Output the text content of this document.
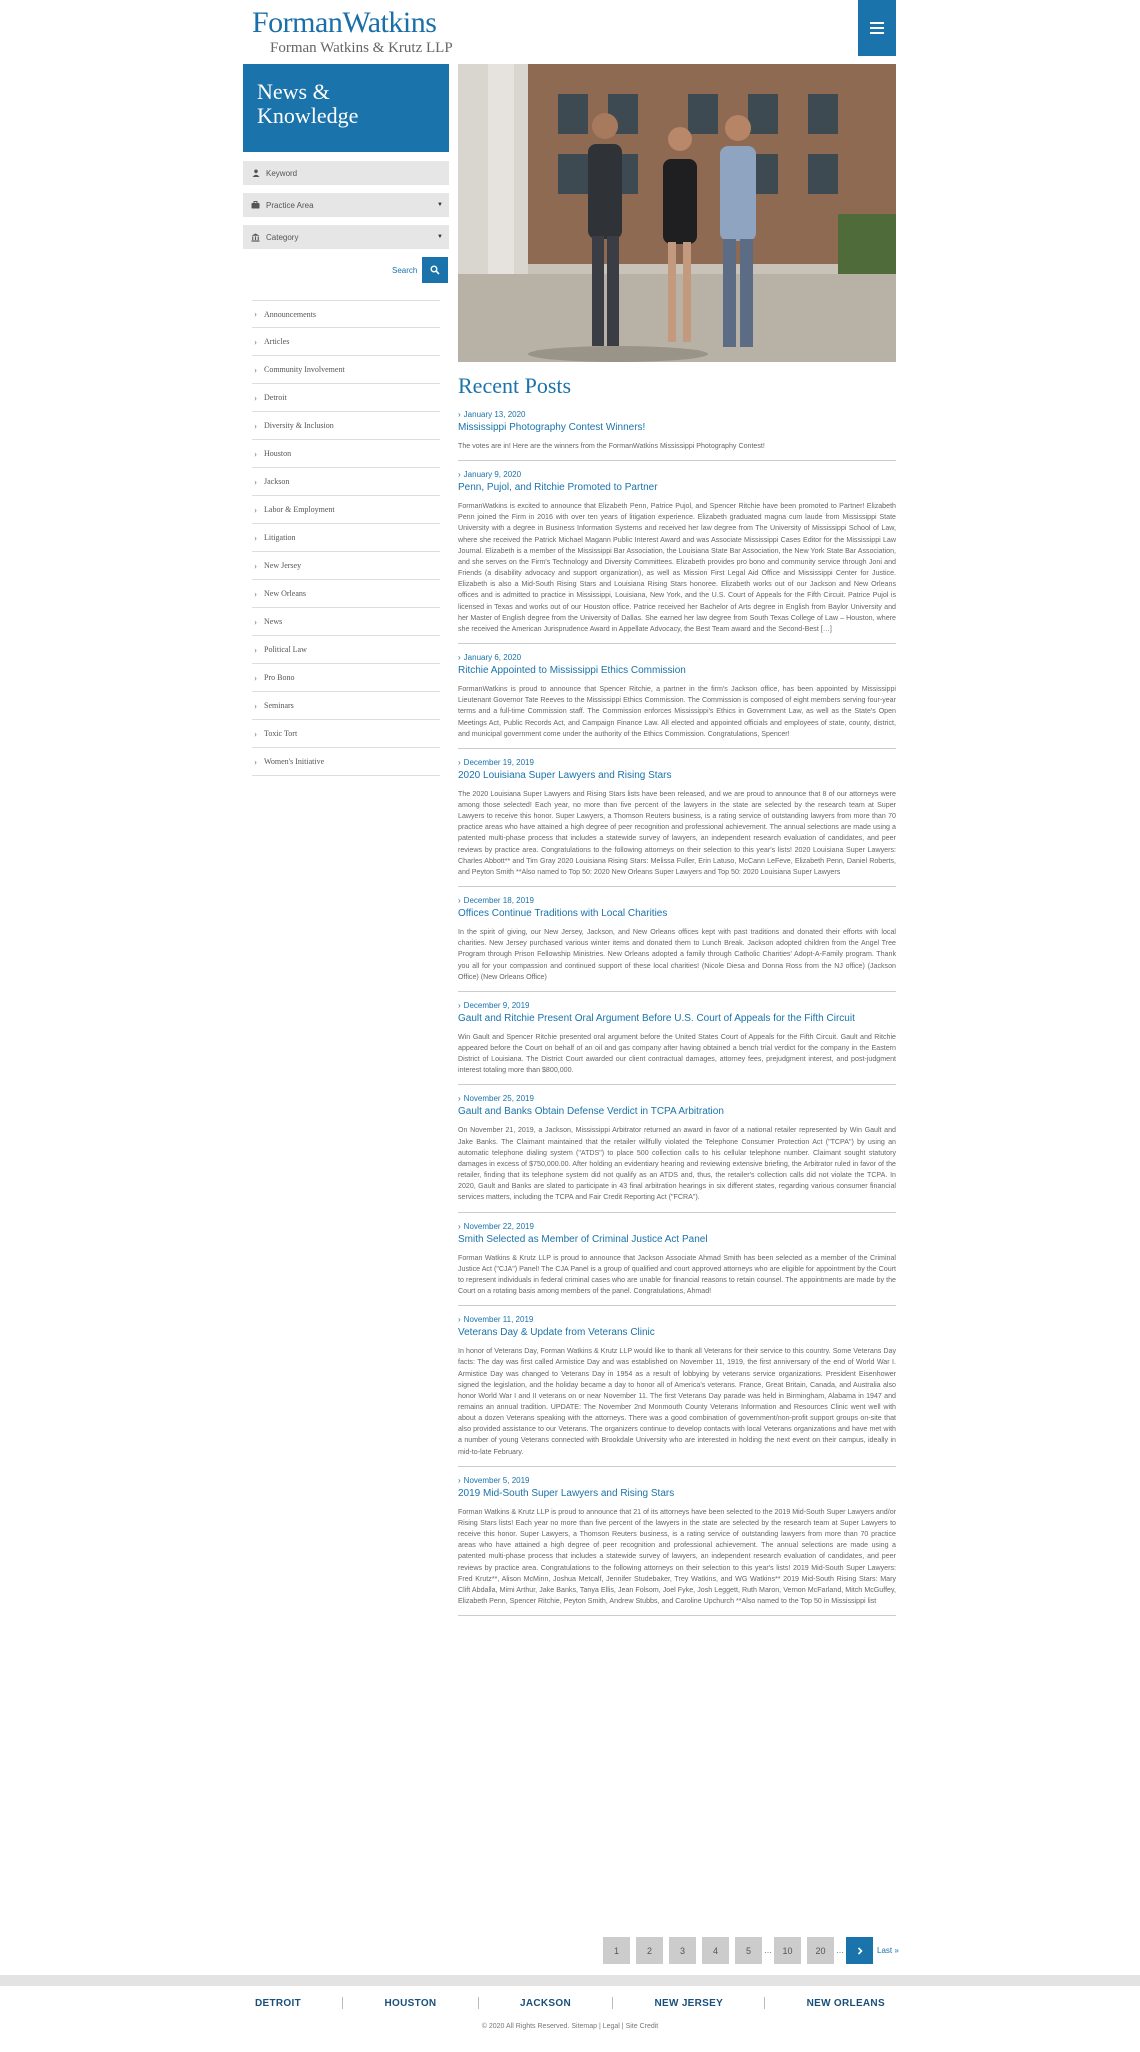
FormanWatkins
Forman Watkins & Krutz LLP
News &
Knowledge
Keyword
Practice Area	▼
Category	▼
Search
› Announcements
› Articles
› Community Involvement
› Detroit
› Diversity & Inclusion
› Houston
› Jackson
› Labor & Employment
› Litigation
› New Jersey
› New Orleans
› News
› Political Law
› Pro Bono
› Seminars
› Toxic Tort
› Women's Initiative
Recent Posts
› January 13, 2020
Mississippi Photography Contest Winners!
The votes are in! Here are the winners from the FormanWatkins Mississippi Photography Contest!
› January 9, 2020
Penn, Pujol, and Ritchie Promoted to Partner
FormanWatkins is excited to announce that Elizabeth Penn, Patrice Pujol, and Spencer Ritchie have been promoted to Partner! Elizabeth Penn joined the Firm in 2016 with over ten years of litigation experience. Elizabeth graduated magna cum laude from Mississippi State University with a degree in Business Information Systems and received her law degree from The University of Mississippi School of Law, where she received the Patrick Michael Magann Public Interest Award and was Associate Mississippi Cases Editor for the Mississippi Law Journal. Elizabeth is a member of the Mississippi Bar Association, the Louisiana State Bar Association, the New York State Bar Association, and she serves on the Firm's Technology and Diversity Committees. Elizabeth provides pro bono and community service through Joni and Friends (a disability advocacy and support organization), as well as Mission First Legal Aid Office and Mississippi Center for Justice. Elizabeth is also a Mid-South Rising Stars and Louisiana Rising Stars honoree. Elizabeth works out of our Jackson and New Orleans offices and is admitted to practice in Mississippi, Louisiana, New York, and the U.S. Court of Appeals for the Fifth Circuit. Patrice Pujol is licensed in Texas and works out of our Houston office. Patrice received her Bachelor of Arts degree in English from Baylor University and her Master of English degree from the University of Dallas. She earned her law degree from South Texas College of Law – Houston, where she received the American Jurisprudence Award in Appellate Advocacy, the Best Team award and the Second-Best […]
› January 6, 2020
Ritchie Appointed to Mississippi Ethics Commission
FormanWatkins is proud to announce that Spencer Ritchie, a partner in the firm's Jackson office, has been appointed by Mississippi Lieutenant Governor Tate Reeves to the Mississippi Ethics Commission. The Commission is composed of eight members serving four-year terms and a full-time Commission staff. The Commission enforces Mississippi's Ethics in Government Law, as well as the State's Open Meetings Act, Public Records Act, and Campaign Finance Law. All elected and appointed officials and employees of state, county, district, and municipal government come under the authority of the Ethics Commission. Congratulations, Spencer!
› December 19, 2019
2020 Louisiana Super Lawyers and Rising Stars
The 2020 Louisiana Super Lawyers and Rising Stars lists have been released, and we are proud to announce that 8 of our attorneys were among those selected! Each year, no more than five percent of the lawyers in the state are selected by the research team at Super Lawyers to receive this honor. Super Lawyers, a Thomson Reuters business, is a rating service of outstanding lawyers from more than 70 practice areas who have attained a high degree of peer recognition and professional achievement. The annual selections are made using a patented multi-phase process that includes a statewide survey of lawyers, an independent research evaluation of candidates, and peer reviews by practice area. Congratulations to the following attorneys on their selection to this year's lists! 2020 Louisiana Super Lawyers: Charles Abbott** and Tim Gray 2020 Louisiana Rising Stars: Melissa Fuller, Erin Latuso, McCann LeFeve, Elizabeth Penn, Daniel Roberts, and Peyton Smith **Also named to Top 50: 2020 New Orleans Super Lawyers and Top 50: 2020 Louisiana Super Lawyers
› December 18, 2019
Offices Continue Traditions with Local Charities
In the spirit of giving, our New Jersey, Jackson, and New Orleans offices kept with past traditions and donated their efforts with local charities. New Jersey purchased various winter items and donated them to Lunch Break. Jackson adopted children from the Angel Tree Program through Prison Fellowship Ministries. New Orleans adopted a family through Catholic Charities' Adopt-A-Family program. Thank you all for your compassion and continued support of these local charities! (Nicole Diesa and Donna Ross from the NJ office) (Jackson Office) (New Orleans Office)
› December 9, 2019
Gault and Ritchie Present Oral Argument Before U.S. Court of Appeals for the Fifth Circuit
Win Gault and Spencer Ritchie presented oral argument before the United States Court of Appeals for the Fifth Circuit. Gault and Ritchie appeared before the Court on behalf of an oil and gas company after having obtained a bench trial verdict for the company in the Eastern District of Louisiana. The District Court awarded our client contractual damages, attorney fees, prejudgment interest, and post-judgment interest totaling more than $800,000.
› November 25, 2019
Gault and Banks Obtain Defense Verdict in TCPA Arbitration
On November 21, 2019, a Jackson, Mississippi Arbitrator returned an award in favor of a national retailer represented by Win Gault and Jake Banks. The Claimant maintained that the retailer willfully violated the Telephone Consumer Protection Act ("TCPA") by using an automatic telephone dialing system ("ATDS") to place 500 collection calls to his cellular telephone number. Claimant sought statutory damages in excess of $750,000.00. After holding an evidentiary hearing and reviewing extensive briefing, the Arbitrator ruled in favor of the retailer, finding that its telephone system did not qualify as an ATDS and, thus, the retailer's collection calls did not violate the TCPA. In 2020, Gault and Banks are slated to participate in 43 final arbitration hearings in six different states, regarding various consumer financial services matters, including the TCPA and Fair Credit Reporting Act ("FCRA").
› November 22, 2019
Smith Selected as Member of Criminal Justice Act Panel
Forman Watkins & Krutz LLP is proud to announce that Jackson Associate Ahmad Smith has been selected as a member of the Criminal Justice Act ("CJA") Panel! The CJA Panel is a group of qualified and court approved attorneys who are eligible for appointment by the Court to represent individuals in federal criminal cases who are unable for financial reasons to retain counsel. The appointments are made by the Court on a rotating basis among members of the panel. Congratulations, Ahmad!
› November 11, 2019
Veterans Day & Update from Veterans Clinic
In honor of Veterans Day, Forman Watkins & Krutz LLP would like to thank all Veterans for their service to this country. Some Veterans Day facts: The day was first called Armistice Day and was established on November 11, 1919, the first anniversary of the end of World War I. Armistice Day was changed to Veterans Day in 1954 as a result of lobbying by veterans service organizations. President Eisenhower signed the legislation, and the holiday became a day to honor all of America's veterans. France, Great Britain, Canada, and Australia also honor World War I and II veterans on or near November 11. The first Veterans Day parade was held in Birmingham, Alabama in 1947 and remains an annual tradition. UPDATE: The November 2nd Monmouth County Veterans Information and Resources Clinic went well with about a dozen Veterans speaking with the attorneys. There was a good combination of government/non-profit support groups on-site that also provided assistance to our Veterans. The organizers continue to develop contacts with local Veterans organizations and have met with a number of young Veterans connected with Brookdale University who are interested in holding the next event on their campus, ideally in mid-to-late February.
› November 5, 2019
2019 Mid-South Super Lawyers and Rising Stars
Forman Watkins & Krutz LLP is proud to announce that 21 of its attorneys have been selected to the 2019 Mid-South Super Lawyers and/or Rising Stars lists! Each year no more than five percent of the lawyers in the state are selected by the research team at Super Lawyers to receive this honor. Super Lawyers, a Thomson Reuters business, is a rating service of outstanding lawyers from more than 70 practice areas who have attained a high degree of peer recognition and professional achievement. The annual selections are made using a patented multi-phase process that includes a statewide survey of lawyers, an independent research evaluation of candidates, and peer reviews by practice area. Congratulations to the following attorneys on their selection to this year's lists! 2019 Mid-South Super Lawyers: Fred Krutz**, Alison McMinn, Joshua Metcalf, Jennifer Studebaker, Trey Watkins, and WG Watkins** 2019 Mid-South Rising Stars: Mary Clift Abdalla, Mimi Arthur, Jake Banks, Tanya Ellis, Jean Folsom, Joel Fyke, Josh Leggett, Ruth Maron, Vernon McFarland, Mitch McGuffey, Elizabeth Penn, Spencer Ritchie, Peyton Smith, Andrew Stubbs, and Caroline Upchurch **Also named to the Top 50 in Mississippi list
1	2	3	4	5	…	10	20	…	Last »
DETROIT	HOUSTON	JACKSON	NEW JERSEY	NEW ORLEANS
© 2020 All Rights Reserved. Sitemap | Legal | Site Credit
